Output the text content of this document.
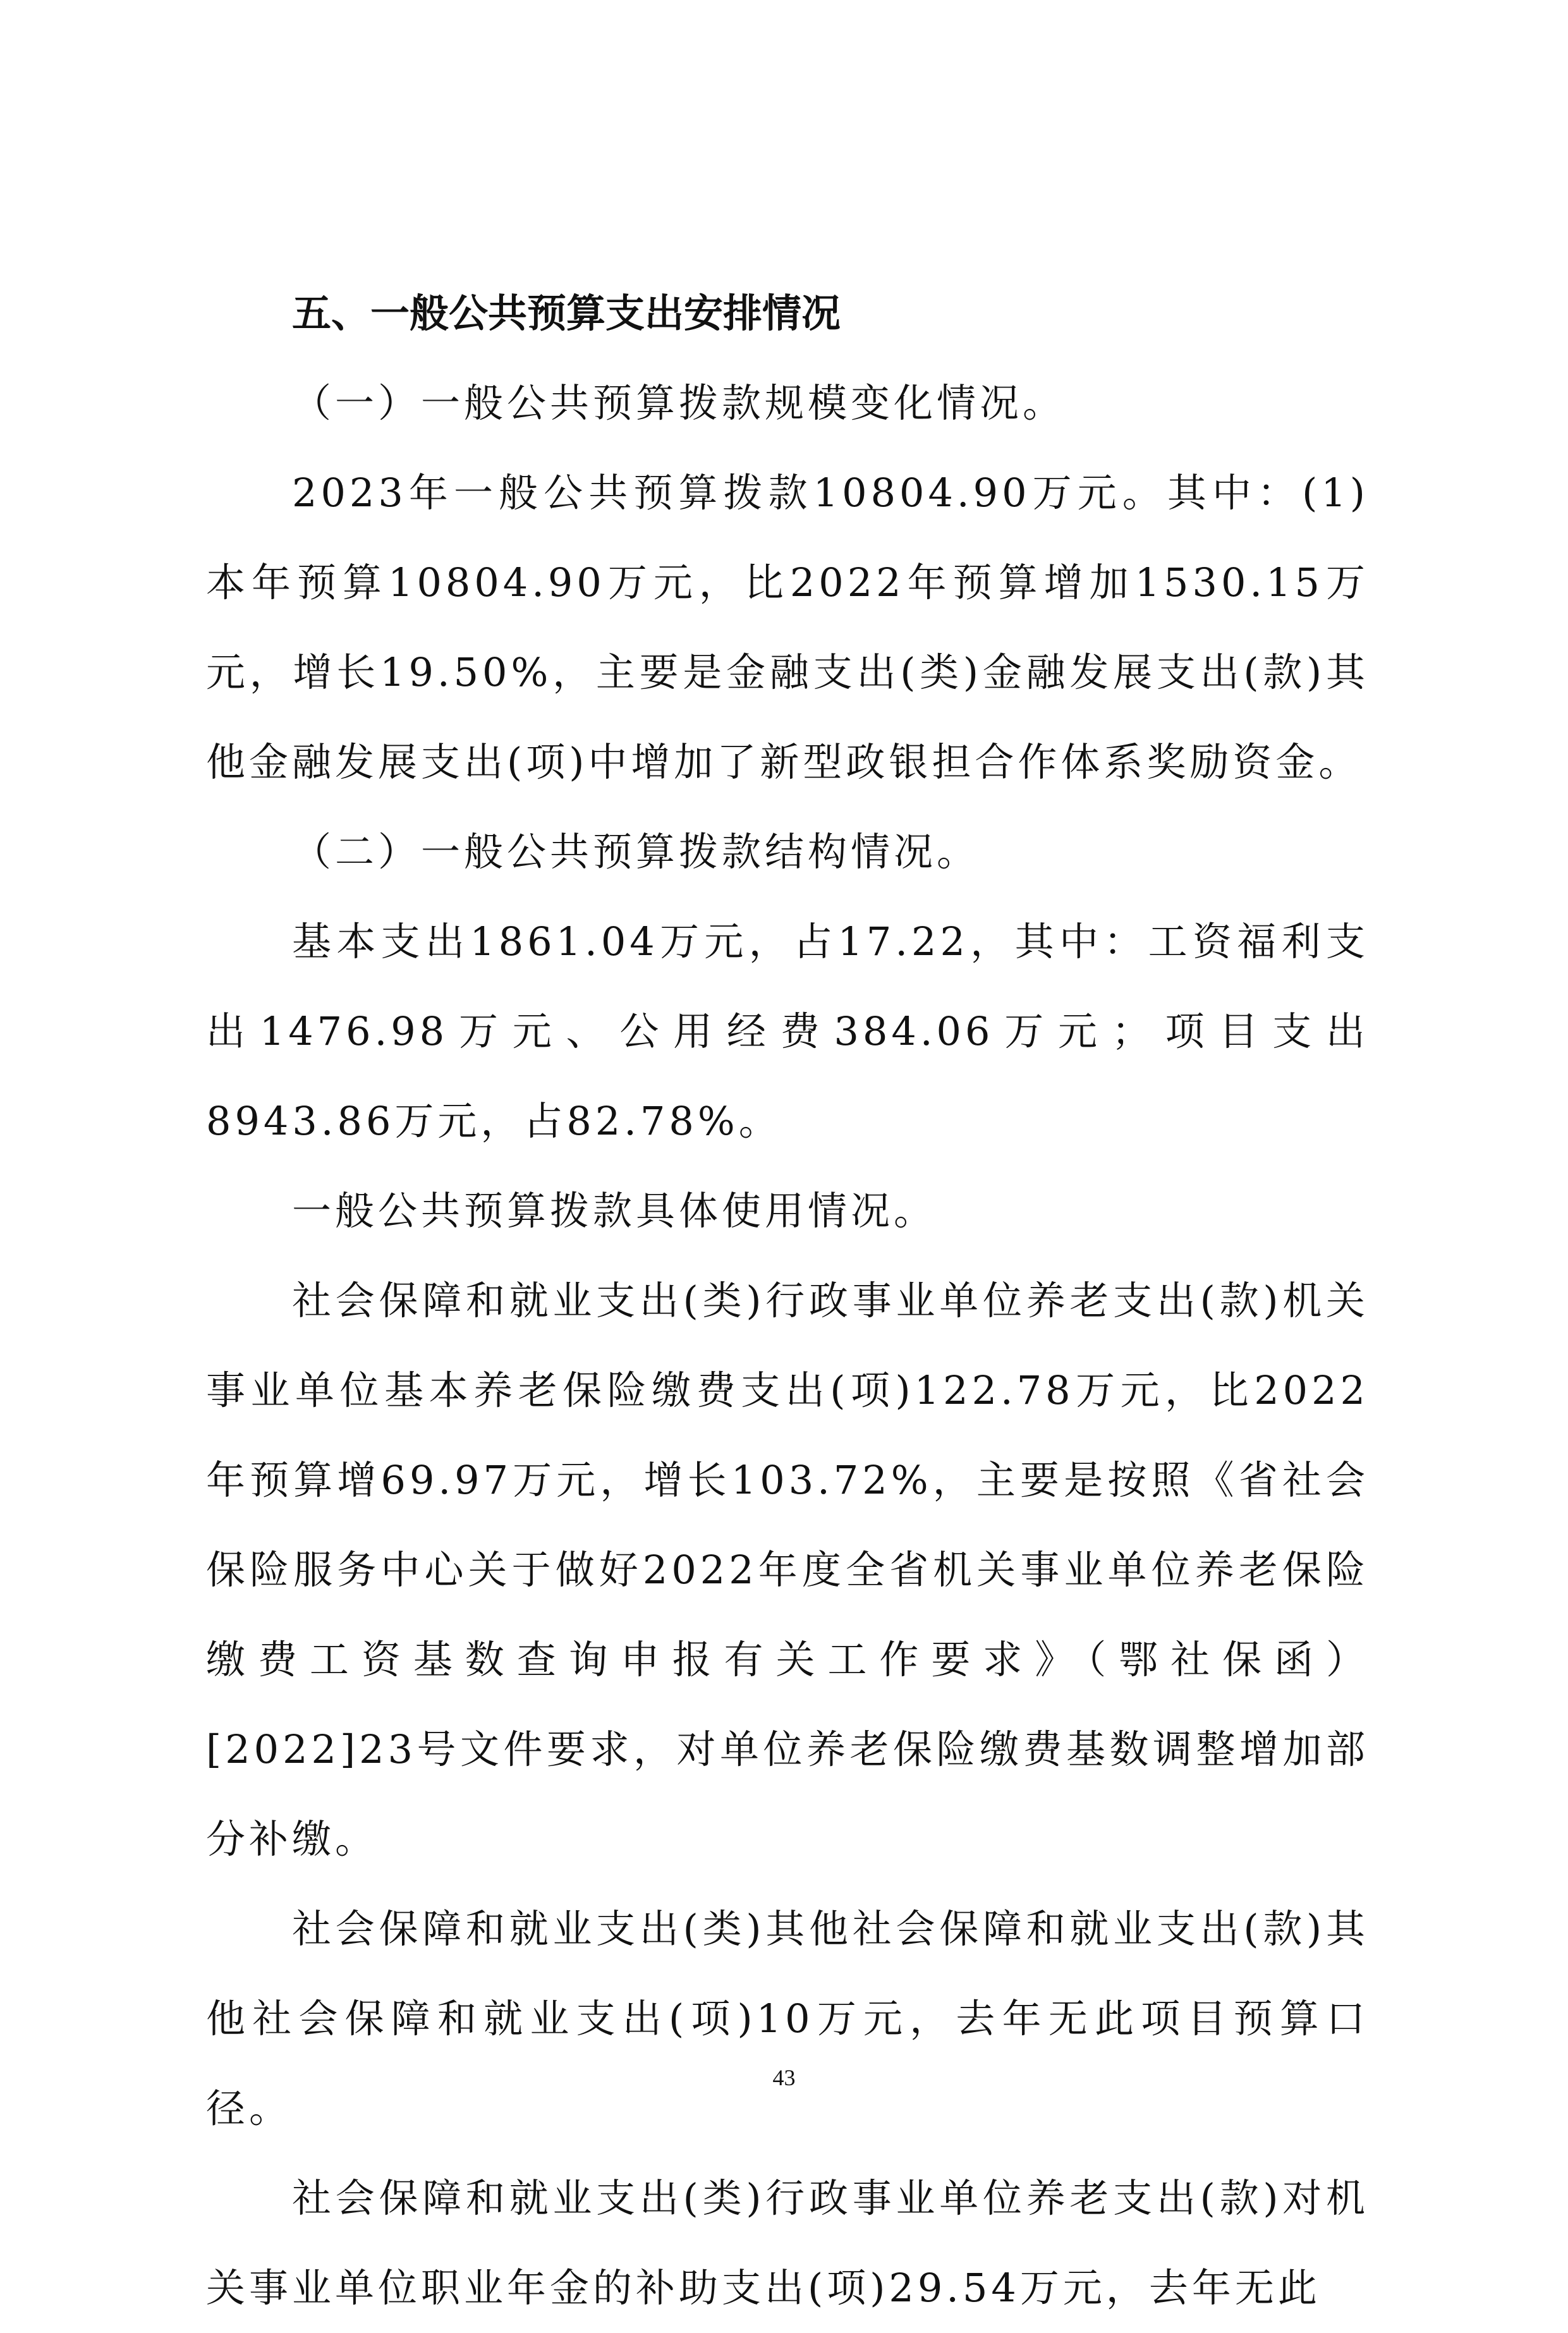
五、一般公共预算支出安排情况

（一）一般公共预算拨款规模变化情况。

2023年一般公共预算拨款10804.90万元。其中：(1)本年预算10804.90万元，比2022年预算增加1530.15万元，增长19.50%，主要是金融支出(类)金融发展支出(款)其他金融发展支出(项)中增加了新型政银担合作体系奖励资金。

（二）一般公共预算拨款结构情况。

基本支出1861.04万元，占17.22，其中：工资福利支出1476.98万元、公用经费384.06万元；项目支出8943.86万元，占82.78%。

一般公共预算拨款具体使用情况。

社会保障和就业支出(类)行政事业单位养老支出(款)机关事业单位基本养老保险缴费支出(项)122.78万元，比2022年预算增69.97万元，增长103.72%，主要是按照《省社会保险服务中心关于做好2022年度全省机关事业单位养老保险缴费工资基数查询申报有关工作要求》（鄂社保函）[2022]23号文件要求，对单位养老保险缴费基数调整增加部分补缴。

社会保障和就业支出(类)其他社会保障和就业支出(款)其他社会保障和就业支出(项)10万元，去年无此项目预算口径。

社会保障和就业支出(类)行政事业单位养老支出(款)对机关事业单位职业年金的补助支出(项)29.54万元，去年无此

43
